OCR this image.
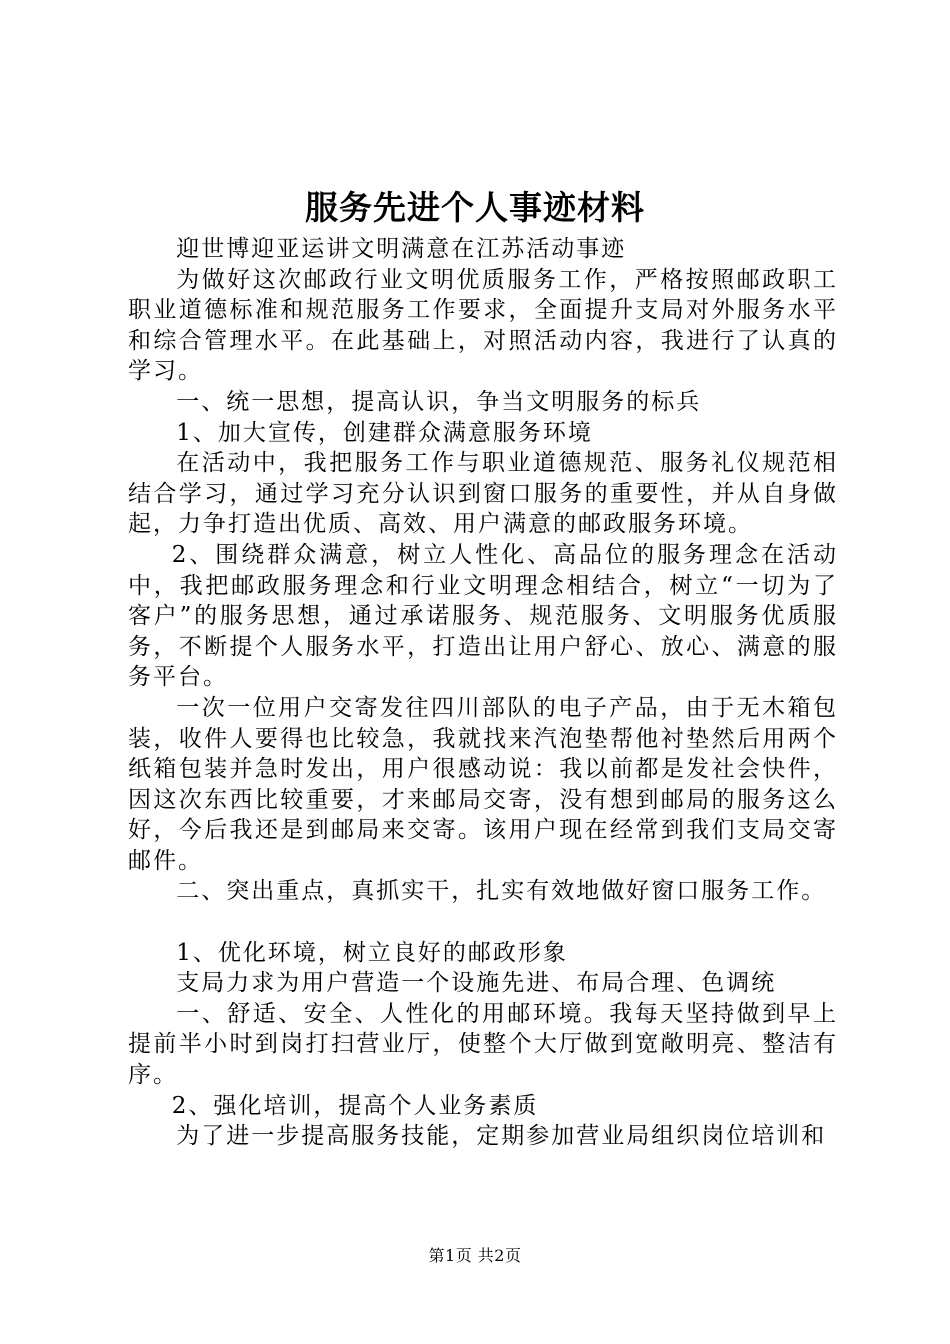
服务先进个人事迹材料

迎世博迎亚运讲文明满意在江苏活动事迹

为做好这次邮政行业文明优质服务工作，严格按照邮政职工职业道德标准和规范服务工作要求，全面提升支局对外服务水平和综合管理水平。在此基础上，对照活动内容，我进行了认真的学习。

一、统一思想，提高认识，争当文明服务的标兵

1、加大宣传，创建群众满意服务环境

在活动中，我把服务工作与职业道德规范、服务礼仪规范相结合学习，通过学习充分认识到窗口服务的重要性，并从自身做起，力争打造出优质、高效、用户满意的邮政服务环境。

2、围绕群众满意，树立人性化、高品位的服务理念在活动中，我把邮政服务理念和行业文明理念相结合，树立“一切为了客户”的服务思想，通过承诺服务、规范服务、文明服务优质服务，不断提个人服务水平，打造出让用户舒心、放心、满意的服务平台。

一次一位用户交寄发往四川部队的电子产品，由于无木箱包装，收件人要得也比较急，我就找来汽泡垫帮他衬垫然后用两个纸箱包装并急时发出，用户很感动说：我以前都是发社会快件，因这次东西比较重要，才来邮局交寄，没有想到邮局的服务这么好，今后我还是到邮局来交寄。该用户现在经常到我们支局交寄邮件。

二、突出重点，真抓实干，扎实有效地做好窗口服务工作。

1、优化环境，树立良好的邮政形象

支局力求为用户营造一个设施先进、布局合理、色调统

一、舒适、安全、人性化的用邮环境。我每天坚持做到早上提前半小时到岗打扫营业厅，使整个大厅做到宽敞明亮、整洁有序。

2、强化培训，提高个人业务素质

为了进一步提高服务技能，定期参加营业局组织岗位培训和

第1页 共2页
